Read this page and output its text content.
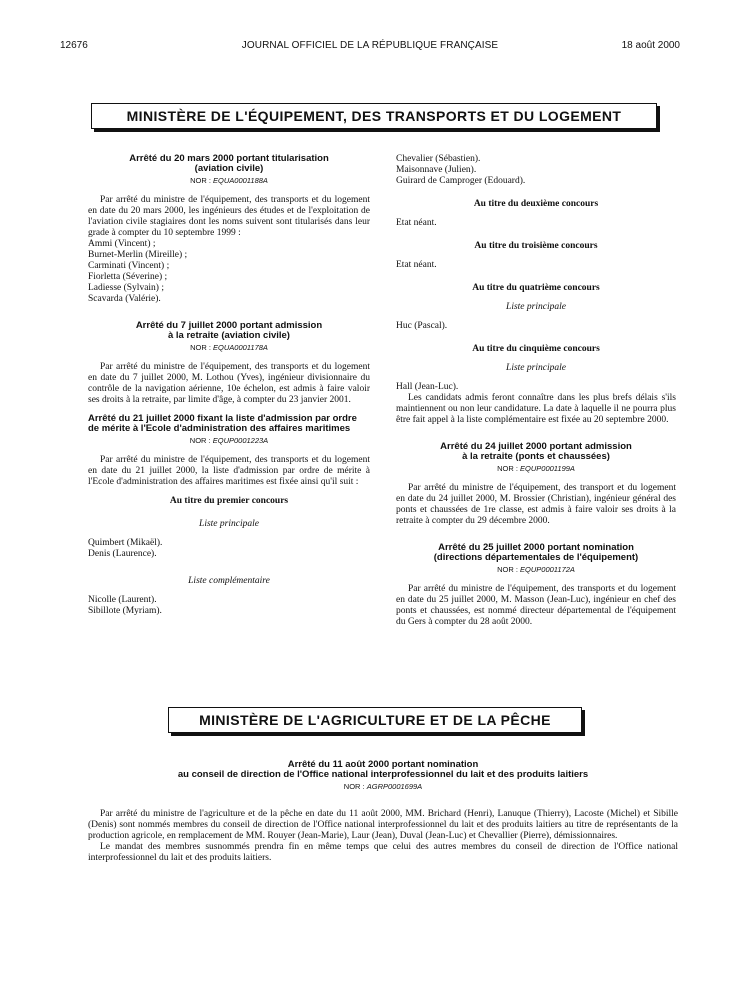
12676	JOURNAL OFFICIEL DE LA RÉPUBLIQUE FRANÇAISE	18 août 2000
MINISTÈRE DE L'ÉQUIPEMENT, DES TRANSPORTS ET DU LOGEMENT
Arrêté du 20 mars 2000 portant titularisation
(aviation civile)
NOR : EQUA0001188A

Par arrêté du ministre de l'équipement, des transports et du logement en date du 20 mars 2000, les ingénieurs des études et de l'exploitation de l'aviation civile stagiaires dont les noms suivent sont titularisés dans leur grade à compter du 10 septembre 1999 :

Ammi (Vincent) ;
Burnet-Merlin (Mireille) ;
Carminati (Vincent) ;
Fiorletta (Séverine) ;
Ladiesse (Sylvain) ;
Scavarda (Valérie).
Arrêté du 7 juillet 2000 portant admission
à la retraite (aviation civile)
NOR : EQUA0001178A

Par arrêté du ministre de l'équipement, des transports et du logement en date du 7 juillet 2000, M. Lothou (Yves), ingénieur divisionnaire du contrôle de la navigation aérienne, 10e échelon, est admis à faire valoir ses droits à la retraite, par limite d'âge, à compter du 23 janvier 2001.

Arrêté du 21 juillet 2000 fixant la liste d'admission par ordre de mérite à l'Ecole d'administration des affaires maritimes
NOR : EQUP0001223A

Par arrêté du ministre de l'équipement, des transports et du logement en date du 21 juillet 2000, la liste d'admission par ordre de mérite à l'Ecole d'administration des affaires maritimes est fixée ainsi qu'il suit :

Au titre du premier concours

Liste principale

Quimbert (Mikaël).
Denis (Laurence).

Liste complémentaire

Nicolle (Laurent).
Sibillote (Myriam).
Chevalier (Sébastien).
Maisonnave (Julien).
Guirard de Camproger (Edouard).

Au titre du deuxième concours

Etat néant.

Au titre du troisième concours

Etat néant.

Au titre du quatrième concours

Liste principale

Huc (Pascal).

Au titre du cinquième concours

Liste principale

Hall (Jean-Luc).

Les candidats admis feront connaître dans les plus brefs délais s'ils maintiennent ou non leur candidature. La date à laquelle il ne pourra plus être fait appel à la liste complémentaire est fixée au 20 septembre 2000.

Arrêté du 24 juillet 2000 portant admission
à la retraite (ponts et chaussées)
NOR : EQUP0001199A

Par arrêté du ministre de l'équipement, des transport et du logement en date du 24 juillet 2000, M. Brossier (Christian), ingénieur général des ponts et chaussées de 1re classe, est admis à faire valoir ses droits à la retraite à compter du 29 décembre 2000.

Arrêté du 25 juillet 2000 portant nomination
(directions départementales de l'équipement)
NOR : EQUP0001172A

Par arrêté du ministre de l'équipement, des transports et du logement en date du 25 juillet 2000, M. Masson (Jean-Luc), ingénieur en chef des ponts et chaussées, est nommé directeur départemental de l'équipement du Gers à compter du 28 août 2000.

MINISTÈRE DE L'AGRICULTURE ET DE LA PÊCHE
Arrêté du 11 août 2000 portant nomination
au conseil de direction de l'Office national interprofessionnel du lait et des produits laitiers
NOR : AGRP0001699A

Par arrêté du ministre de l'agriculture et de la pêche en date du 11 août 2000, MM. Brichard (Henri), Lanuque (Thierry), Lacoste (Michel) et Sibille (Denis) sont nommés membres du conseil de direction de l'Office national interprofessionnel du lait et des produits laitiers au titre de représentants de la production agricole, en remplacement de MM. Rouyer (Jean-Marie), Laur (Jean), Duval (Jean-Luc) et Chevallier (Pierre), démissionnaires.

Le mandat des membres susnommés prendra fin en même temps que celui des autres membres du conseil de direction de l'Office national interprofessionnel du lait et des produits laitiers.
